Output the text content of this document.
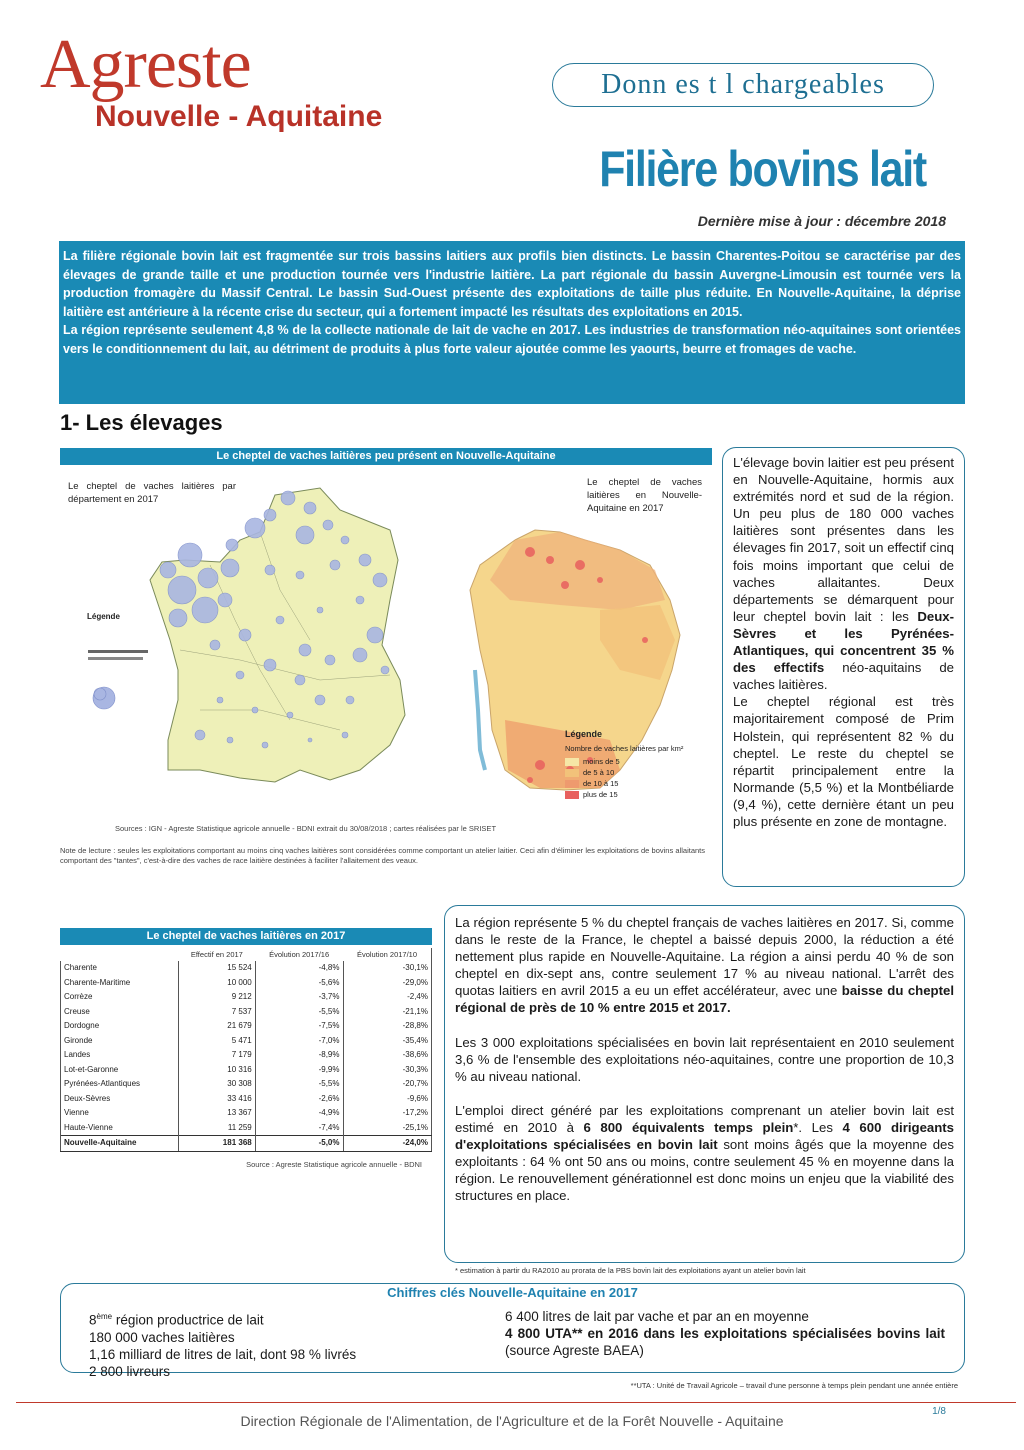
Agreste
Nouvelle - Aquitaine
Donn es t l chargeables
Filière bovins lait
Dernière mise à jour : décembre 2018

La filière régionale bovin lait est fragmentée sur trois bassins laitiers aux profils bien distincts. Le bassin Charentes-Poitou se caractérise par des élevages de grande taille et une production tournée vers l'industrie laitière. La part régionale du bassin Auvergne-Limousin est tournée vers la production fromagère du Massif Central. Le bassin Sud-Ouest présente des exploitations de taille plus réduite. En Nouvelle-Aquitaine, la déprise laitière est antérieure à la récente crise du secteur, qui a fortement impacté les résultats des exploitations en 2015.

La région représente seulement 4,8 % de la collecte nationale de lait de vache en 2017. Les industries de transformation néo-aquitaines sont orientées vers le conditionnement du lait, au détriment de produits à plus forte valeur ajoutée comme les yaourts, beurre et fromages de vache.

1- Les élevages
Le cheptel de vaches laitières peu présent en Nouvelle-Aquitaine
Le cheptel de vaches laitières par département en 2017
Le cheptel de vaches laitières en Nouvelle-Aquitaine en 2017
Légende
Légende
Nombre de vaches laitières par km²
moins de 5
de 5 à 10
de 10 à 15
plus de 15
Sources : IGN - Agreste Statistique agricole annuelle - BDNI extrait du 30/08/2018 ; cartes réalisées par le SRISET
Note de lecture : seules les exploitations comportant au moins cinq vaches laitières sont considérées comme comportant un atelier laitier. Ceci afin d'éliminer les exploitations de bovins allaitants comportant des "tantes", c'est-à-dire des vaches de race laitière destinées à faciliter l'allaitement des veaux.
L'élevage bovin laitier est peu présent en Nouvelle-Aquitaine, hormis aux extrémités nord et sud de la région. Un peu plus de 180 000 vaches laitières sont présentes dans les élevages fin 2017, soit un effectif cinq fois moins important que celui de vaches allaitantes. Deux départements se démarquent pour leur cheptel bovin lait : les Deux-Sèvres et les Pyrénées-Atlantiques, qui concentrent 35 % des effectifs néo-aquitains de vaches laitières.
Le cheptel régional est très majoritairement composé de Prim Holstein, qui représentent 82 % du cheptel. Le reste du cheptel se répartit principalement entre la Normande (5,5 %) et la Montbéliarde (9,4 %), cette dernière étant un peu plus présente en zone de montagne.
Le cheptel de vaches laitières en 2017
	Effectif en 2017	Évolution 2017/16	Évolution 2017/10
Charente	15 524	-4,8%	-30,1%
Charente-Maritime	10 000	-5,6%	-29,0%
Corrèze	9 212	-3,7%	-2,4%
Creuse	7 537	-5,5%	-21,1%
Dordogne	21 679	-7,5%	-28,8%
Gironde	5 471	-7,0%	-35,4%
Landes	7 179	-8,9%	-38,6%
Lot-et-Garonne	10 316	-9,9%	-30,3%
Pyrénées-Atlantiques	30 308	-5,5%	-20,7%
Deux-Sèvres	33 416	-2,6%	-9,6%
Vienne	13 367	-4,9%	-17,2%
Haute-Vienne	11 259	-7,4%	-25,1%
Nouvelle-Aquitaine	181 368	-5,0%	-24,0%
Source : Agreste Statistique agricole annuelle - BDNI

La région représente 5 % du cheptel français de vaches laitières en 2017. Si, comme dans le reste de la France, le cheptel a baissé depuis 2000, la réduction a été nettement plus rapide en Nouvelle-Aquitaine. La région a ainsi perdu 40 % de son cheptel en dix-sept ans, contre seulement 17 % au niveau national. L'arrêt des quotas laitiers en avril 2015 a eu un effet accélérateur, avec une baisse du cheptel régional de près de 10 % entre 2015 et 2017.

Les 3 000 exploitations spécialisées en bovin lait représentaient en 2010 seulement 3,6 % de l'ensemble des exploitations néo-aquitaines, contre une proportion de 10,3 % au niveau national.

L'emploi direct généré par les exploitations comprenant un atelier bovin lait est estimé en 2010 à 6 800 équivalents temps plein*. Les 4 600 dirigeants d'exploitations spécialisées en bovin lait sont moins âgés que la moyenne des exploitants : 64 % ont 50 ans ou moins, contre seulement 45 % en moyenne dans la région. Le renouvellement générationnel est donc moins un enjeu que la viabilité des structures en place.

* estimation à partir du RA2010 au prorata de la PBS bovin lait des exploitations ayant un atelier bovin lait
Chiffres clés Nouvelle-Aquitaine en 2017
8ème région productrice de lait
180 000 vaches laitières
1,16 milliard de litres de lait, dont 98 % livrés
2 800 livreurs
6 400 litres de lait par vache et par an en moyenne
4 800 UTA** en 2016 dans les exploitations spécialisées bovins lait (source Agreste BAEA)
**UTA : Unité de Travail Agricole – travail d'une personne à temps plein pendant une année entière
Direction Régionale de l'Alimentation, de l'Agriculture et de la Forêt Nouvelle - Aquitaine
1/8
